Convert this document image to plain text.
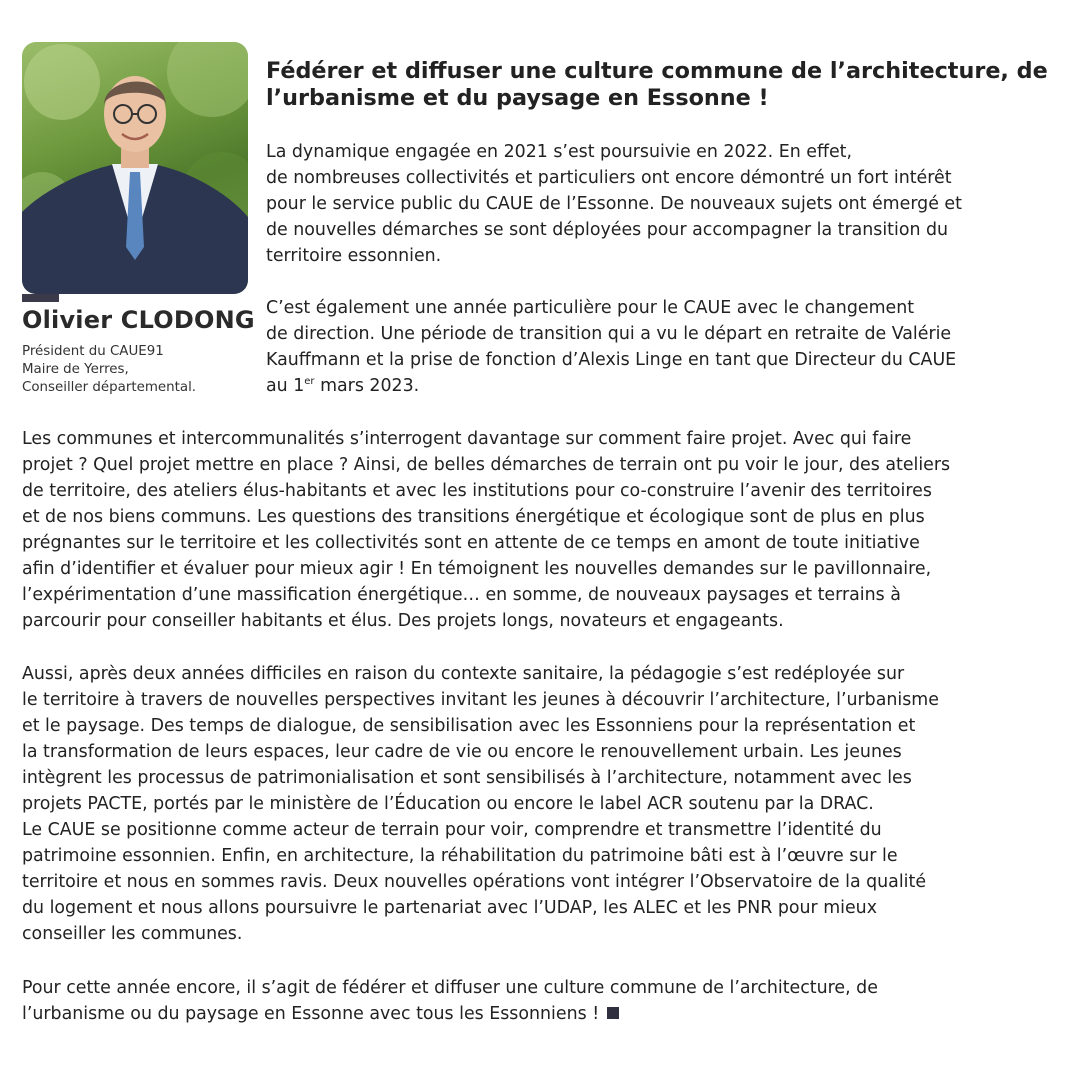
Olivier CLODONG
Président du CAUE91
Maire de Yerres,
Conseiller départemental.
Fédérer et diffuser une culture commune de l’architecture, de
l’urbanisme et du paysage en Essonne !

La dynamique engagée en 2021 s’est poursuivie en 2022. En effet,
de nombreuses collectivités et particuliers ont encore démontré un fort intérêt
pour le service public du CAUE de l’Essonne. De nouveaux sujets ont émergé et
de nouvelles démarches se sont déployées pour accompagner la transition du
territoire essonnien.

C’est également une année particulière pour le CAUE avec le changement
de direction. Une période de transition qui a vu le départ en retraite de Valérie
Kauffmann et la prise de fonction d’Alexis Linge en tant que Directeur du CAUE
au 1er mars 2023.

Les communes et intercommunalités s’interrogent davantage sur comment faire projet. Avec qui faire
projet ? Quel projet mettre en place ? Ainsi, de belles démarches de terrain ont pu voir le jour, des ateliers
de territoire, des ateliers élus-habitants et avec les institutions pour co-construire l’avenir des territoires
et de nos biens communs. Les questions des transitions énergétique et écologique sont de plus en plus
prégnantes sur le territoire et les collectivités sont en attente de ce temps en amont de toute initiative
afin d’identifier et évaluer pour mieux agir ! En témoignent les nouvelles demandes sur le pavillonnaire,
l’expérimentation d’une massification énergétique… en somme, de nouveaux paysages et terrains à
parcourir pour conseiller habitants et élus. Des projets longs, novateurs et engageants.

Aussi, après deux années difficiles en raison du contexte sanitaire, la pédagogie s’est redéployée sur
le territoire à travers de nouvelles perspectives invitant les jeunes à découvrir l’architecture, l’urbanisme
et le paysage. Des temps de dialogue, de sensibilisation avec les Essonniens pour la représentation et
la transformation de leurs espaces, leur cadre de vie ou encore le renouvellement urbain. Les jeunes
intègrent les processus de patrimonialisation et sont sensibilisés à l’architecture, notamment avec les
projets PACTE, portés par le ministère de l’Éducation ou encore le label ACR soutenu par la DRAC.
Le CAUE se positionne comme acteur de terrain pour voir, comprendre et transmettre l’identité du
patrimoine essonnien. Enfin, en architecture, la réhabilitation du patrimoine bâti est à l’œuvre sur le
territoire et nous en sommes ravis. Deux nouvelles opérations vont intégrer l’Observatoire de la qualité
du logement et nous allons poursuivre le partenariat avec l’UDAP, les ALEC et les PNR pour mieux
conseiller les communes.

Pour cette année encore, il s’agit de fédérer et diffuser une culture commune de l’architecture, de
l’urbanisme ou du paysage en Essonne avec tous les Essonniens !
